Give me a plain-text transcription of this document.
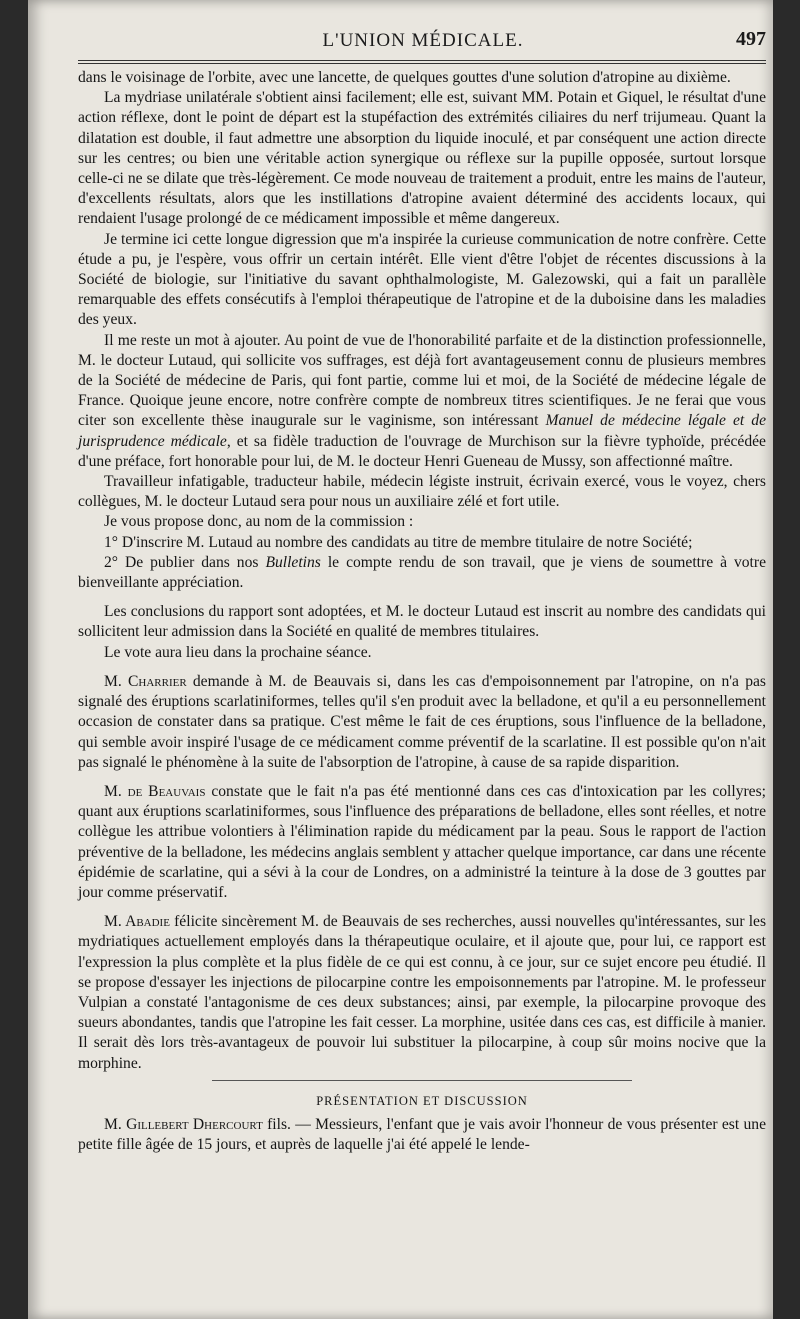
L'UNION MÉDICALE.	497

dans le voisinage de l'orbite, avec une lancette, de quelques gouttes d'une solution d'atropine au dixième.

La mydriase unilatérale s'obtient ainsi facilement; elle est, suivant MM. Potain et Giquel, le résultat d'une action réflexe, dont le point de départ est la stupéfaction des extrémités ciliaires du nerf trijumeau. Quant la dilatation est double, il faut admettre une absorption du liquide inoculé, et par conséquent une action directe sur les centres; ou bien une véritable action synergique ou réflexe sur la pupille opposée, surtout lorsque celle-ci ne se dilate que très-légèrement. Ce mode nouveau de traitement a produit, entre les mains de l'auteur, d'excellents résultats, alors que les instillations d'atropine avaient déterminé des accidents locaux, qui rendaient l'usage prolongé de ce médicament impossible et même dangereux.

Je termine ici cette longue digression que m'a inspirée la curieuse communication de notre confrère. Cette étude a pu, je l'espère, vous offrir un certain intérêt. Elle vient d'être l'objet de récentes discussions à la Société de biologie, sur l'initiative du savant ophthalmologiste, M. Galezowski, qui a fait un parallèle remarquable des effets consécutifs à l'emploi thérapeutique de l'atropine et de la duboisine dans les maladies des yeux.

Il me reste un mot à ajouter. Au point de vue de l'honorabilité parfaite et de la distinction professionnelle, M. le docteur Lutaud, qui sollicite vos suffrages, est déjà fort avantageusement connu de plusieurs membres de la Société de médecine de Paris, qui font partie, comme lui et moi, de la Société de médecine légale de France. Quoique jeune encore, notre confrère compte de nombreux titres scientifiques. Je ne ferai que vous citer son excellente thèse inaugurale sur le vaginisme, son intéressant Manuel de médecine légale et de jurisprudence médicale, et sa fidèle traduction de l'ouvrage de Murchison sur la fièvre typhoïde, précédée d'une préface, fort honorable pour lui, de M. le docteur Henri Gueneau de Mussy, son affectionné maître.

Travailleur infatigable, traducteur habile, médecin légiste instruit, écrivain exercé, vous le voyez, chers collègues, M. le docteur Lutaud sera pour nous un auxiliaire zélé et fort utile.

Je vous propose donc, au nom de la commission :

1° D'inscrire M. Lutaud au nombre des candidats au titre de membre titulaire de notre Société;

2° De publier dans nos Bulletins le compte rendu de son travail, que je viens de soumettre à votre bienveillante appréciation.

Les conclusions du rapport sont adoptées, et M. le docteur Lutaud est inscrit au nombre des candidats qui sollicitent leur admission dans la Société en qualité de membres titulaires.

Le vote aura lieu dans la prochaine séance.

M. Charrier demande à M. de Beauvais si, dans les cas d'empoisonnement par l'atropine, on n'a pas signalé des éruptions scarlatiniformes, telles qu'il s'en produit avec la belladone, et qu'il a eu personnellement occasion de constater dans sa pratique. C'est même le fait de ces éruptions, sous l'influence de la belladone, qui semble avoir inspiré l'usage de ce médicament comme préventif de la scarlatine. Il est possible qu'on n'ait pas signalé le phénomène à la suite de l'absorption de l'atropine, à cause de sa rapide disparition.

M. de Beauvais constate que le fait n'a pas été mentionné dans ces cas d'intoxication par les collyres; quant aux éruptions scarlatiniformes, sous l'influence des préparations de belladone, elles sont réelles, et notre collègue les attribue volontiers à l'élimination rapide du médicament par la peau. Sous le rapport de l'action préventive de la belladone, les médecins anglais semblent y attacher quelque importance, car dans une récente épidémie de scarlatine, qui a sévi à la cour de Londres, on a administré la teinture à la dose de 3 gouttes par jour comme préservatif.

M. Abadie félicite sincèrement M. de Beauvais de ses recherches, aussi nouvelles qu'intéressantes, sur les mydriatiques actuellement employés dans la thérapeutique oculaire, et il ajoute que, pour lui, ce rapport est l'expression la plus complète et la plus fidèle de ce qui est connu, à ce jour, sur ce sujet encore peu étudié. Il se propose d'essayer les injections de pilocarpine contre les empoisonnements par l'atropine. M. le professeur Vulpian a constaté l'antagonisme de ces deux substances; ainsi, par exemple, la pilocarpine provoque des sueurs abondantes, tandis que l'atropine les fait cesser. La morphine, usitée dans ces cas, est difficile à manier. Il serait dès lors très-avantageux de pouvoir lui substituer la pilocarpine, à coup sûr moins nocive que la morphine.

PRÉSENTATION ET DISCUSSION

M. Gillebert Dhercourt fils. — Messieurs, l'enfant que je vais avoir l'honneur de vous présenter est une petite fille âgée de 15 jours, et auprès de laquelle j'ai été appelé le lende-
